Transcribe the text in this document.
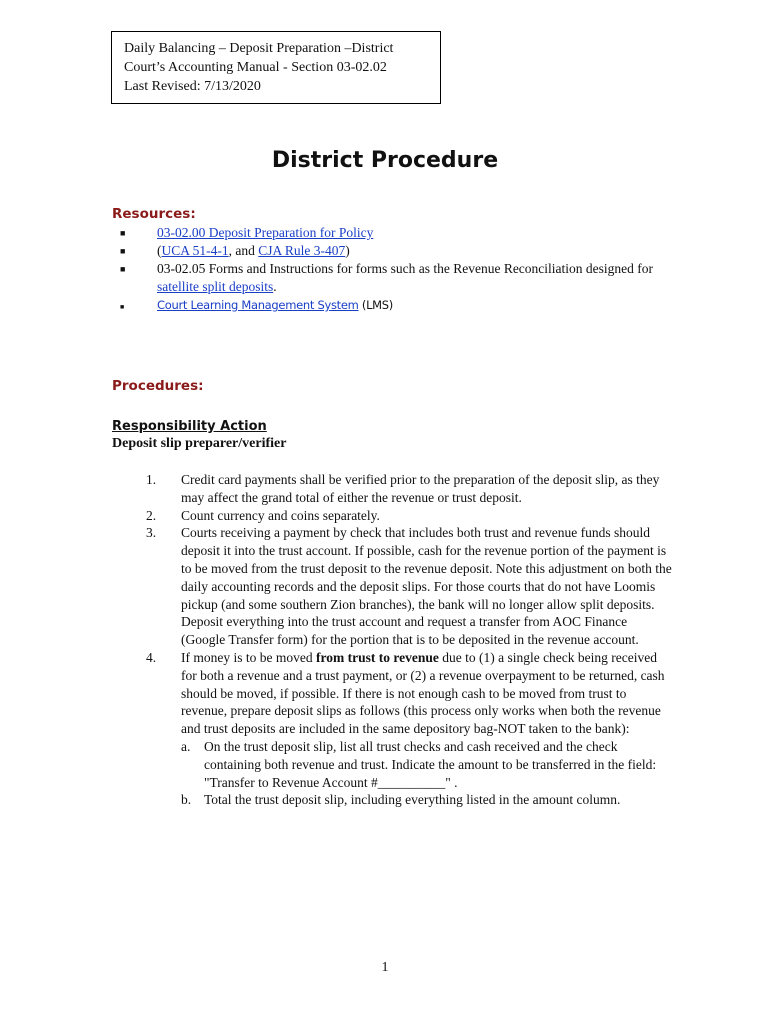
Daily Balancing – Deposit Preparation –District
Court’s Accounting Manual - Section 03-02.02
Last Revised: 7/13/2020
District Procedure
Resources:
■ 03-02.00 Deposit Preparation for Policy
■ (UCA 51-4-1, and CJA Rule 3-407)
■ 03-02.05 Forms and Instructions for forms such as the Revenue Reconciliation designed for satellite split deposits.
■	Court Learning Management System (LMS)
Procedures:
Responsibility Action
Deposit slip preparer/verifier
1. Credit card payments shall be verified prior to the preparation of the deposit slip, as they may affect the grand total of either the revenue or trust deposit.
2. Count currency and coins separately.
3. Courts receiving a payment by check that includes both trust and revenue funds should deposit it into the trust account. If possible, cash for the revenue portion of the payment is to be moved from the trust deposit to the revenue deposit. Note this adjustment on both the daily accounting records and the deposit slips. For those courts that do not have Loomis pickup (and some southern Zion branches), the bank will no longer allow split deposits. Deposit everything into the trust account and request a transfer from AOC Finance (Google Transfer form) for the portion that is to be deposited in the revenue account.
4. If money is to be moved from trust to revenue due to (1) a single check being received for both a revenue and a trust payment, or (2) a revenue overpayment to be returned, cash should be moved, if possible. If there is not enough cash to be moved from trust to revenue, prepare deposit slips as follows (this process only works when both the revenue and trust deposits are included in the same depository bag-NOT taken to the bank):
a. On the trust deposit slip, list all trust checks and cash received and the check containing both revenue and trust. Indicate the amount to be transferred in the field: "Transfer to Revenue Account #__________" .
b. Total the trust deposit slip, including everything listed in the amount column.
1
